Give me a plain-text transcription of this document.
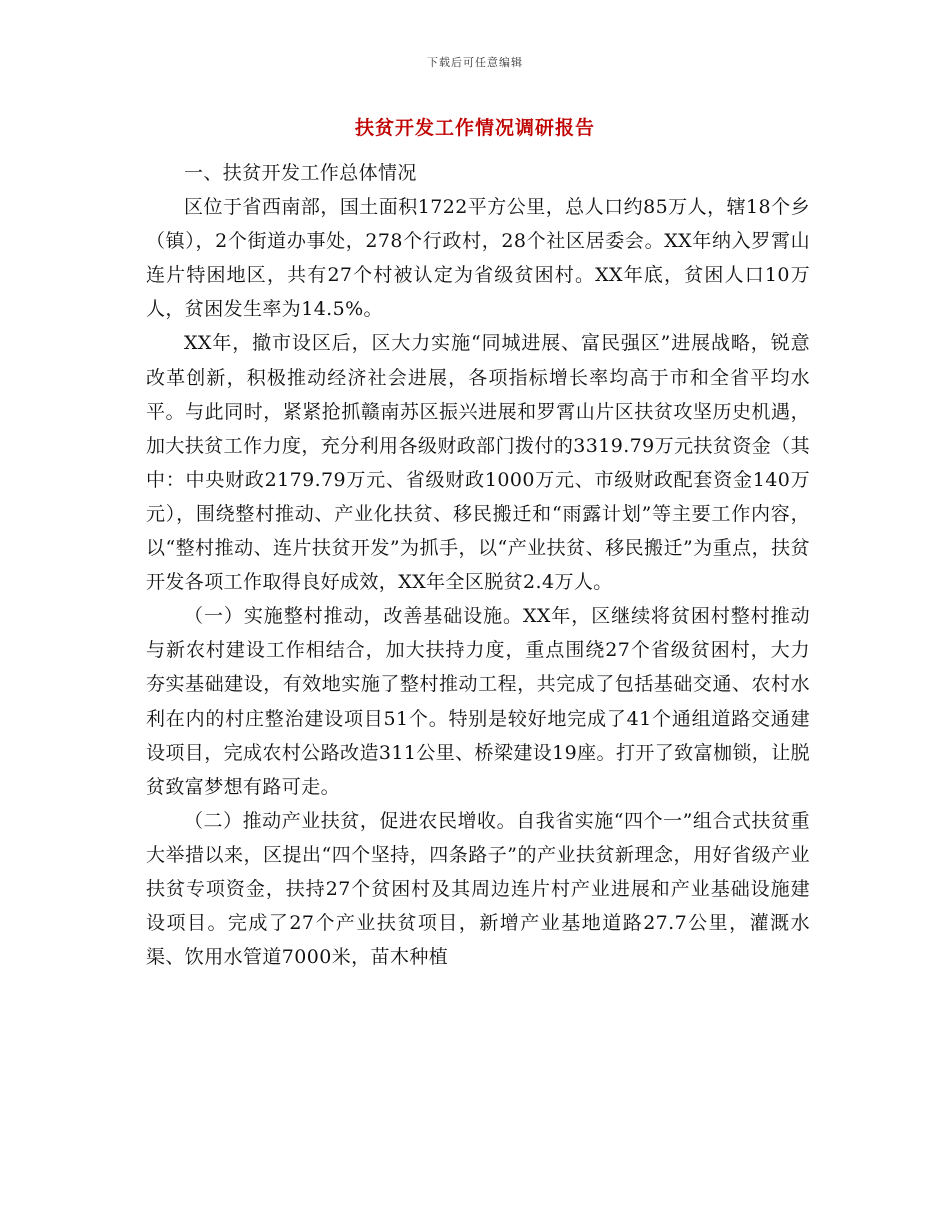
下载后可任意编辑
扶贫开发工作情况调研报告

一、扶贫开发工作总体情况

区位于省西南部，国土面积1722平方公里，总人口约85万人，辖18个乡（镇），2个街道办事处，278个行政村，28个社区居委会。XX年纳入罗霄山连片特困地区，共有27个村被认定为省级贫困村。XX年底，贫困人口10万人，贫困发生率为14.5%。

XX年，撤市设区后，区大力实施“同城进展、富民强区”进展战略，锐意改革创新，积极推动经济社会进展，各项指标增长率均高于市和全省平均水平。与此同时，紧紧抢抓赣南苏区振兴进展和罗霄山片区扶贫攻坚历史机遇，加大扶贫工作力度，充分利用各级财政部门拨付的3319.79万元扶贫资金（其中：中央财政2179.79万元、省级财政1000万元、市级财政配套资金140万元），围绕整村推动、产业化扶贫、移民搬迁和“雨露计划”等主要工作内容，以“整村推动、连片扶贫开发”为抓手，以“产业扶贫、移民搬迁”为重点，扶贫开发各项工作取得良好成效，XX年全区脱贫2.4万人。

（一）实施整村推动，改善基础设施。XX年，区继续将贫困村整村推动与新农村建设工作相结合，加大扶持力度，重点围绕27个省级贫困村，大力夯实基础建设，有效地实施了整村推动工程，共完成了包括基础交通、农村水利在内的村庄整治建设项目51个。特别是较好地完成了41个通组道路交通建设项目，完成农村公路改造311公里、桥梁建设19座。打开了致富枷锁，让脱贫致富梦想有路可走。

（二）推动产业扶贫，促进农民增收。自我省实施“四个一”组合式扶贫重大举措以来，区提出“四个坚持，四条路子”的产业扶贫新理念，用好省级产业扶贫专项资金，扶持27个贫困村及其周边连片村产业进展和产业基础设施建设项目。完成了27个产业扶贫项目，新增产业基地道路27.7公里，灌溉水渠、饮用水管道7000米，苗木种植
